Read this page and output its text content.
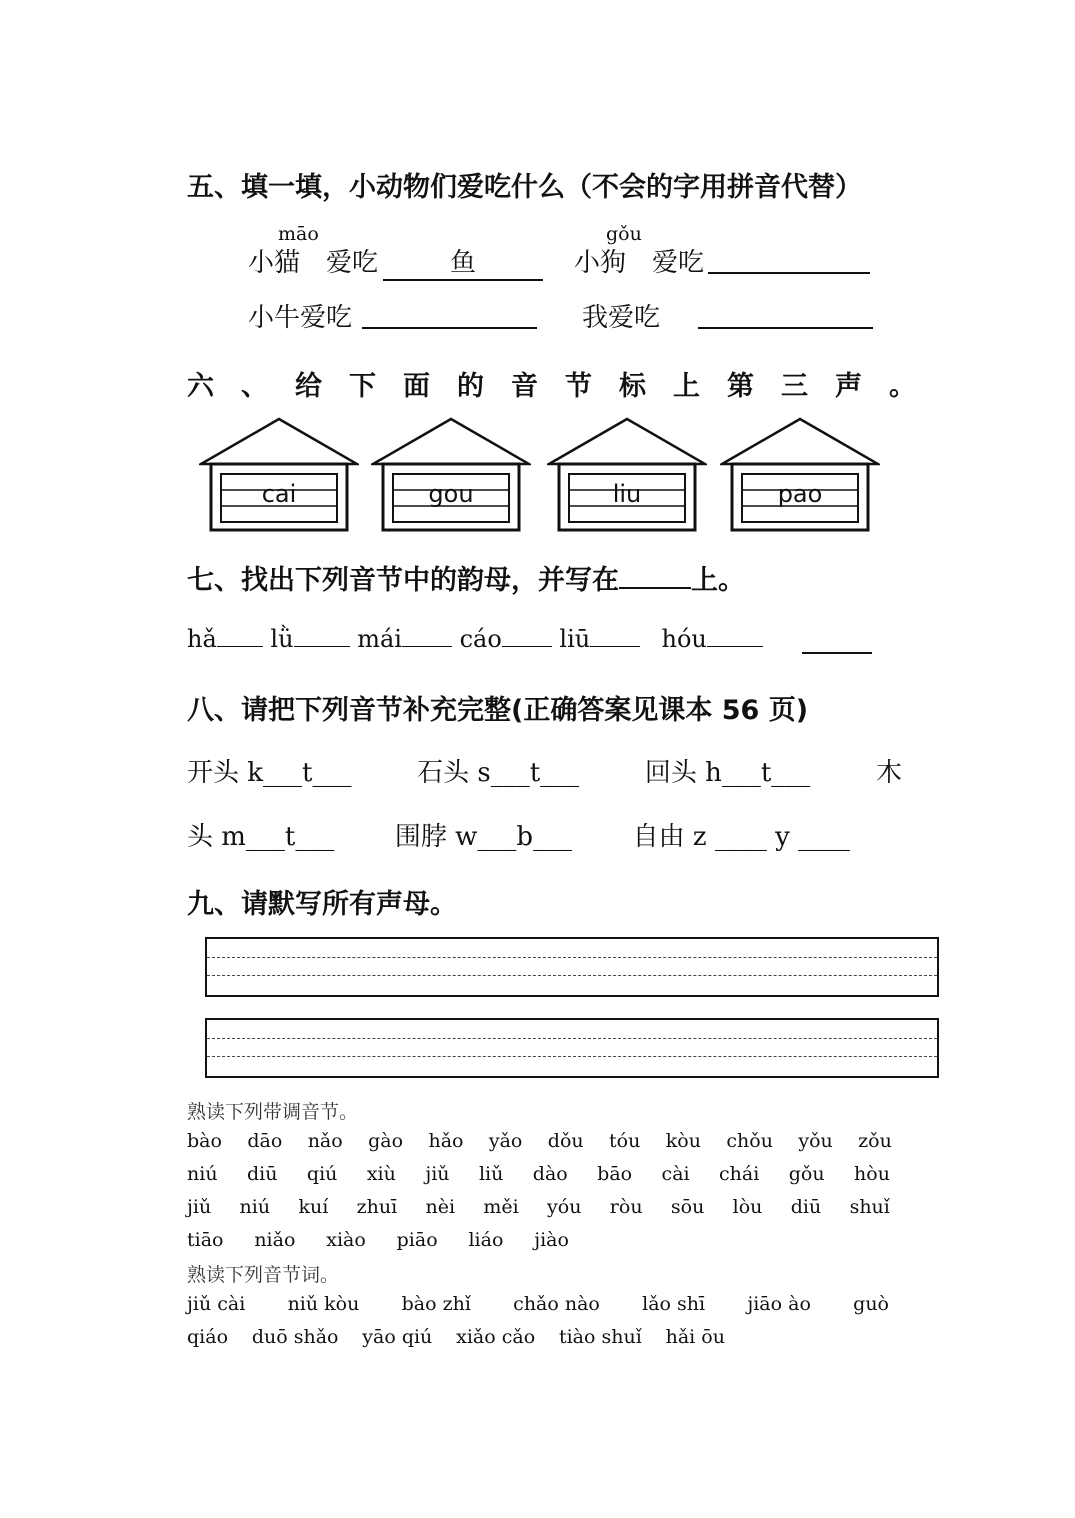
五、填一填，小动物们爱吃什么（不会的字用拼音代替）
māo
小猫 爱吃	鱼
gǒu
小狗 爱吃
小牛爱吃	我爱吃
六、给下面的音节标上第三声。
cai	gou	liu	pao
七、找出下列音节中的韵母，并写在	上。
hǎ lǜ	mái cáo liū	hóu
八、请把下列音节补充完整(正确答案见课本 56 页)
开头 k___t___	石头 s___t___	回头 h___t___	木
头 m___t___ 围脖 w___b___ 自由 z ____ y ____
九、请默写所有声母。
熟读下列带调音节。
bào dāo nǎo gào hǎo yǎo dǒu tóu kòu chǒu yǒu zǒu
niú diū qiú xiù jiǔ liǔ dào bāo cài chái gǒu hòu
jiǔ niú kuí zhuī nèi měi yóu ròu sōu lòu diū shuǐ
tiāo niǎo xiào piāo liáo jiào
熟读下列音节词。
jiǔ cài niǔ kòu bào zhǐ chǎo nào lǎo shī jiāo ào guò
qiáo duō shǎo yāo qiú xiǎo cǎo tiào shuǐ hǎi ōu
